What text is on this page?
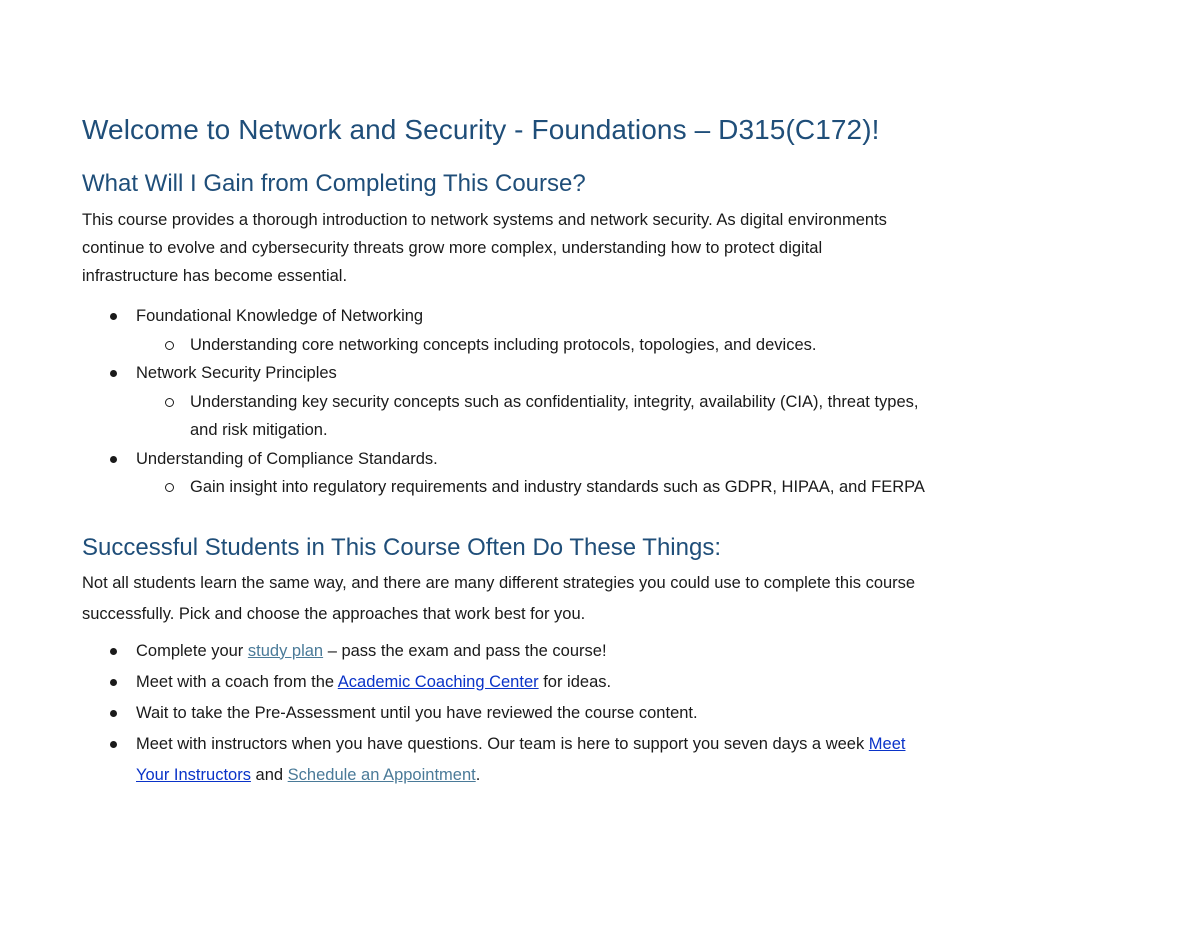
Welcome to Network and Security - Foundations – D315(C172)!
What Will I Gain from Completing This Course?

This course provides a thorough introduction to network systems and network security. As digital environments
continue to evolve and cybersecurity threats grow more complex, understanding how to protect digital
infrastructure has become essential.

Foundational Knowledge of Networking
Understanding core networking concepts including protocols, topologies, and devices.
Network Security Principles
Understanding key security concepts such as confidentiality, integrity, availability (CIA), threat types,
and risk mitigation.
Understanding of Compliance Standards.
Gain insight into regulatory requirements and industry standards such as GDPR, HIPAA, and FERPA
Successful Students in This Course Often Do These Things:

Not all students learn the same way, and there are many different strategies you could use to complete this course
successfully. Pick and choose the approaches that work best for you.

Complete your study plan – pass the exam and pass the course!
Meet with a coach from the Academic Coaching Center for ideas.
Wait to take the Pre-Assessment until you have reviewed the course content.
Meet with instructors when you have questions. Our team is here to support you seven days a week Meet
Your Instructors and Schedule an Appointment.
